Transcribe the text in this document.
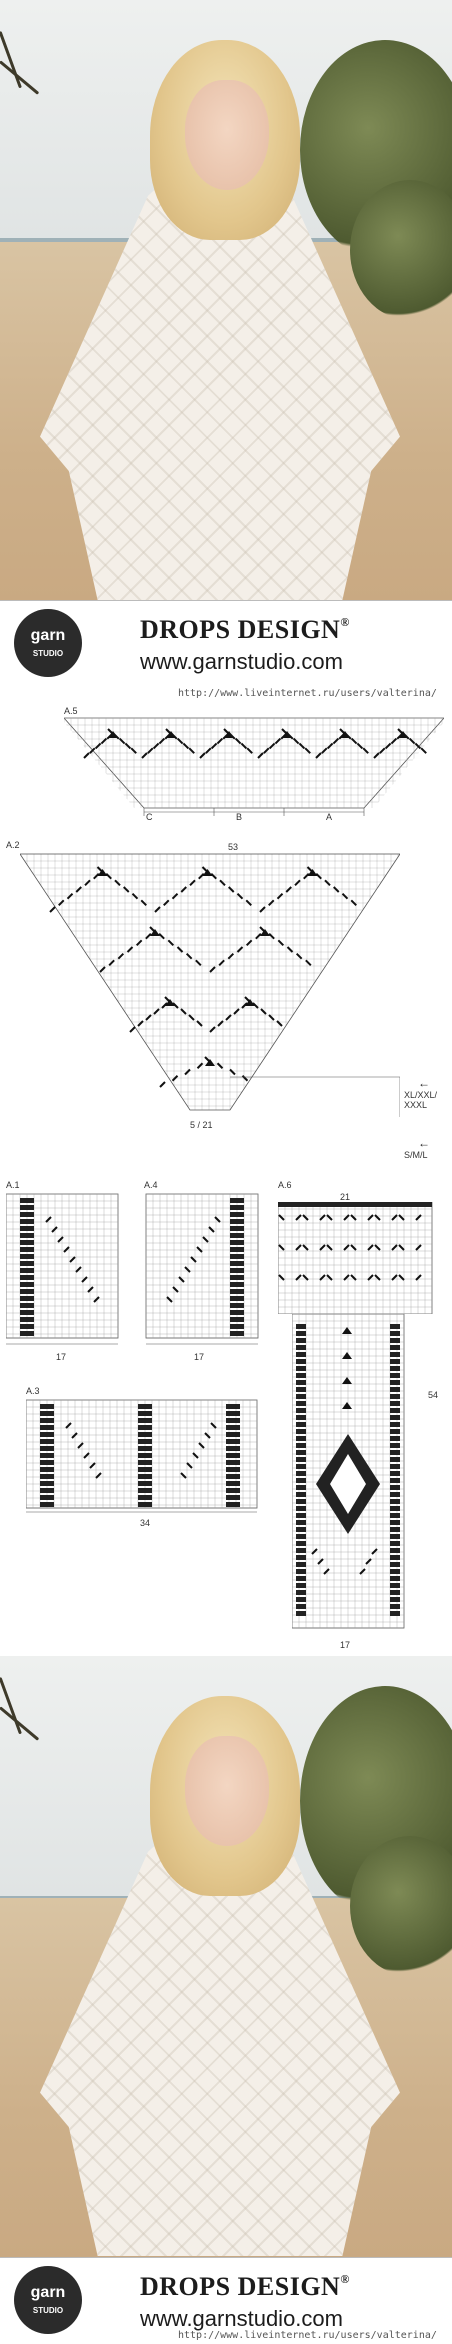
garn
STUDIO
DROPS DESIGN®
www.garnstudio.com
http://www.liveinternet.ru/users/valterina/
A.5
C	B	A
A.2	53
5 / 21
XL/XXL/
XXXL
S/M/L
←
←
A.1
17
A.4
17
A.6
21
54
17
A.3
34
garn
STUDIO
DROPS DESIGN®
www.garnstudio.com
http://www.liveinternet.ru/users/valterina/
